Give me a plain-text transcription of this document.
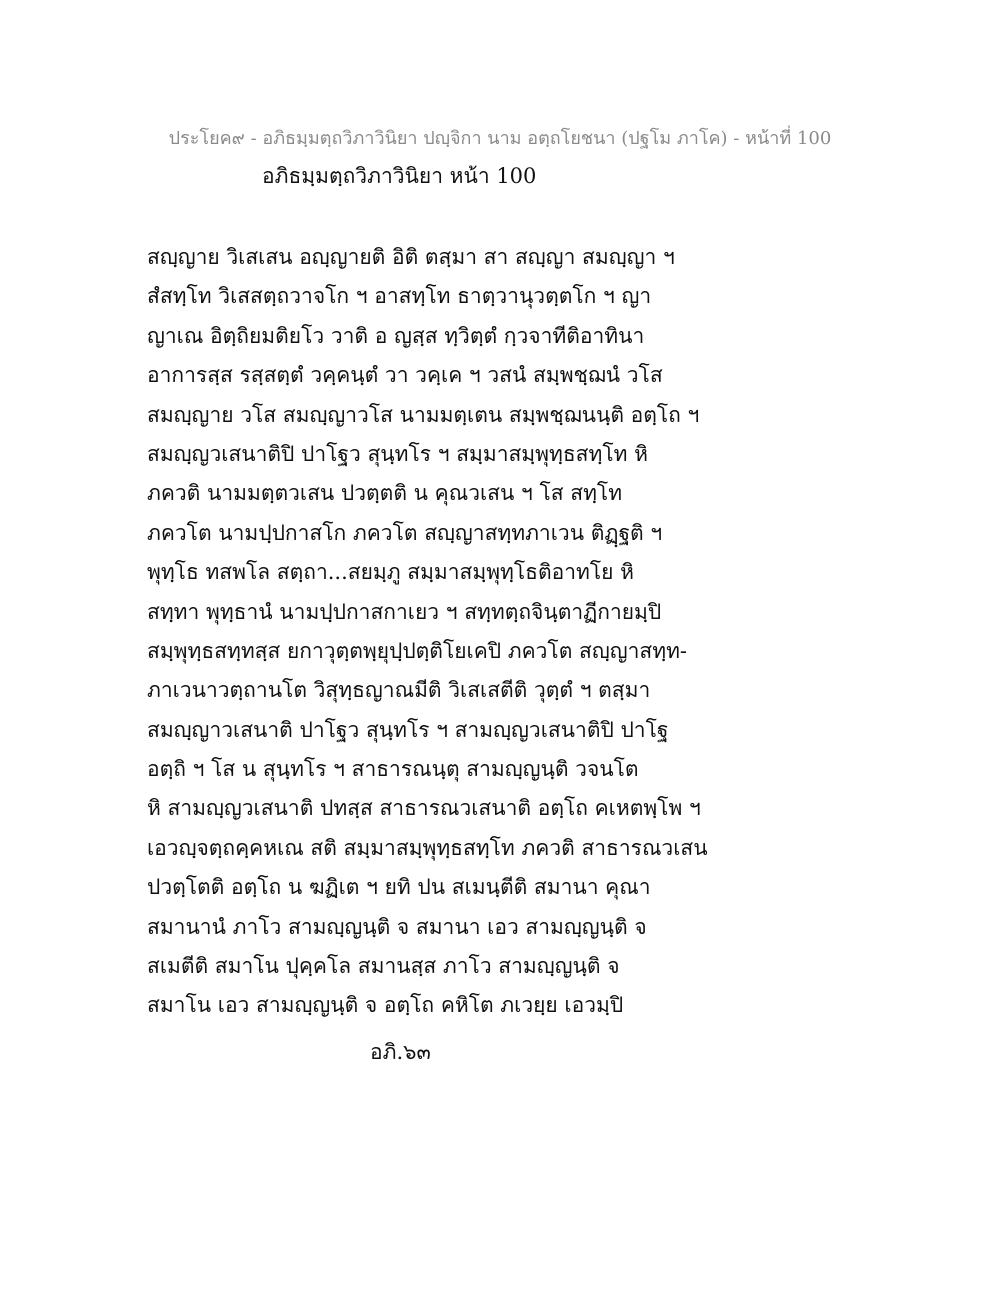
ประโยค๙ - อภิธมฺมตฺถวิภาวินิยา ปญฺจิกา นาม อตฺถโยชนา (ปฐโม ภาโค) - หน้าที่ 100
อภิธมฺมตฺถวิภาวินิยา หน้า 100
สญฺญาย วิเสเสน อญฺญายติ อิติ ตสฺมา สา สญฺญา สมญฺญา ฯ
สํสทฺโท วิเสสตฺถวาจโก ฯ อาสทฺโท ธาตฺวานุวตฺตโก ฯ ญา
ญาเณ อิตฺถิยมติยโว วาติ อ ญสฺส ทฺวิตฺตํ กฺวจาทีติอาทินา
อาการสฺส รสฺสตฺตํ วคฺคนฺตํ วา วคฺเค ฯ วสนํ สมฺพชฺฌนํ วโส
สมญฺญาย วโส สมญฺญาวโส นามมตฺเตน สมฺพชฺฌนนฺติ อตฺโถ ฯ
สมญฺญวเสนาติปิ ปาโฐว สุนฺทโร ฯ สมฺมาสมฺพุทฺธสทฺโท หิ
ภควติ นามมตฺตวเสน ปวตฺตติ น คุณวเสน ฯ โส สทฺโท
ภควโต นามปฺปกาสโก ภควโต สญฺญาสทฺทภาเวน ติฏฺฐติ ฯ
พุทฺโธ ทสพโล สตฺถา...สยมฺภู สมฺมาสมฺพุทฺโธติอาทโย หิ
สทฺทา พุทฺธานํ นามปฺปกาสกาเยว ฯ สทฺทตฺถจินฺตาฏีกายมฺปิ
สมฺพุทฺธสทฺทสฺส ยกาวุตฺตพฺยุปฺปตฺติโยเคปิ ภควโต สญฺญาสทฺท-
ภาเวนาวตฺถานโต วิสุทฺธญาณมีติ วิเสเสตีติ วุตฺตํ ฯ ตสฺมา
สมญฺญาวเสนาติ ปาโฐว สุนฺทโร ฯ สามญฺญวเสนาติปิ ปาโฐ
อตฺถิ ฯ โส น สุนฺทโร ฯ สาธารณนฺตุ สามญฺญนฺติ วจนโต
หิ สามญฺญวเสนาติ ปทสฺส สาธารณวเสนาติ อตฺโถ คเหตพฺโพ ฯ
เอวญฺจตฺถคฺคหเณ สติ สมฺมาสมฺพุทฺธสทฺโท ภควติ สาธารณวเสน
ปวตฺโตติ อตฺโถ น ฆฏิเต ฯ ยทิ ปน สเมนฺตีติ สมานา คุณา
สมานานํ ภาโว สามญฺญนฺติ จ สมานา เอว สามญฺญนฺติ จ
สเมตีติ สมาโน ปุคฺคโล สมานสฺส ภาโว สามญฺญนฺติ จ
สมาโน เอว สามญฺญนฺติ จ อตฺโถ คหิโต ภเวยฺย เอวมฺปิ
อภิ.๖๓
